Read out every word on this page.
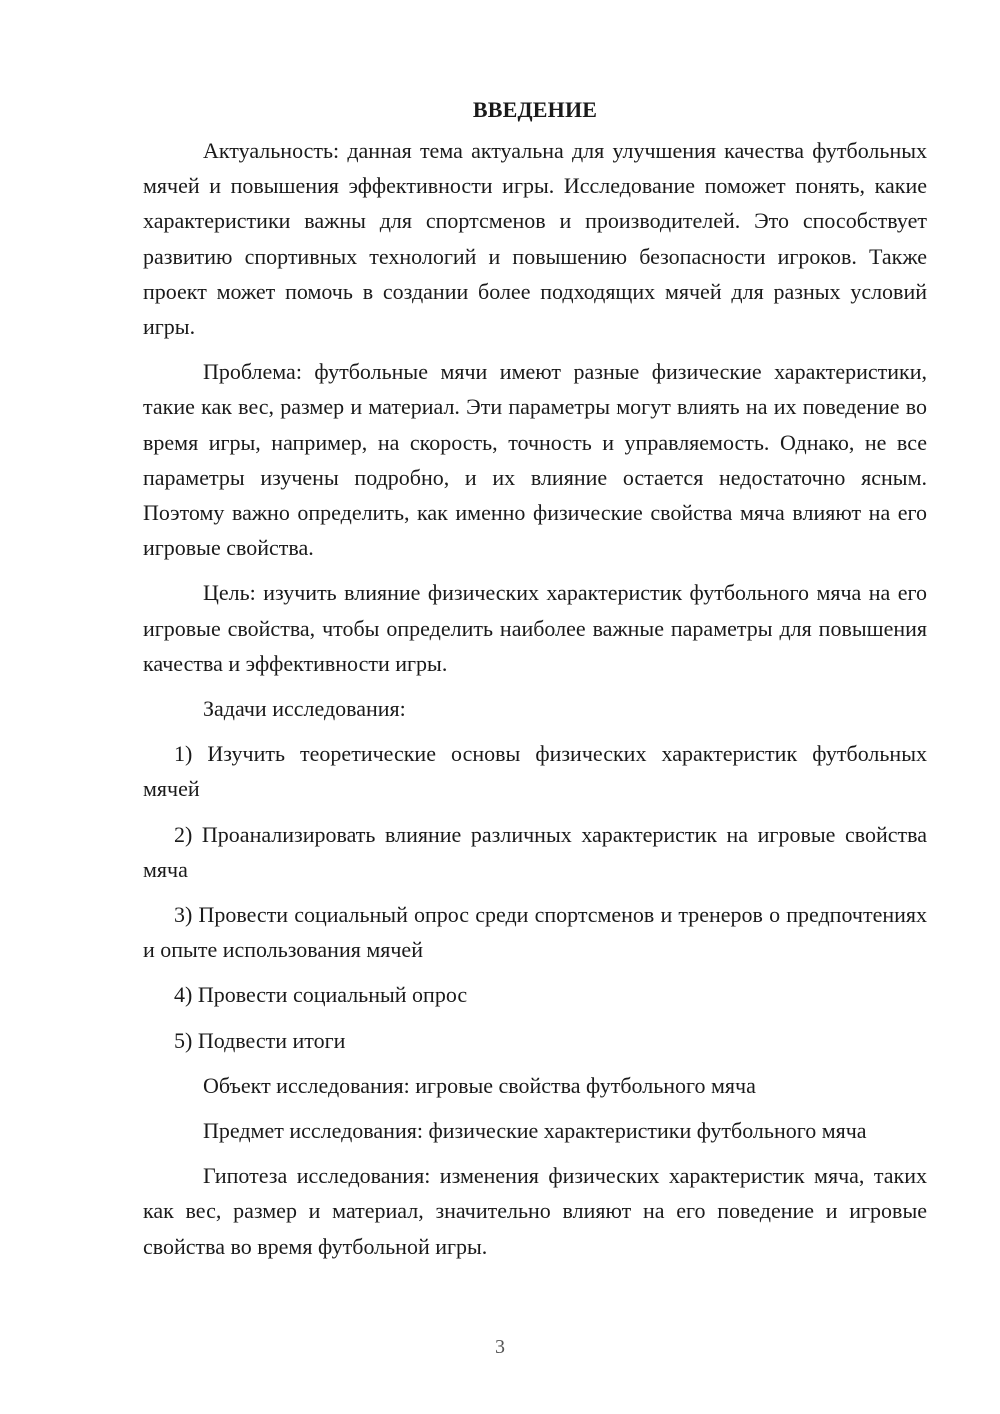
ВВЕДЕНИЕ

Актуальность: данная тема актуальна для улучшения качества футбольных мячей и повышения эффективности игры. Исследование поможет понять, какие характеристики важны для спортсменов и производителей. Это способствует развитию спортивных технологий и повышению безопасности игроков. Также проект может помочь в создании более подходящих мячей для разных условий игры.

Проблема: футбольные мячи имеют разные физические характеристики, такие как вес, размер и материал. Эти параметры могут влиять на их поведение во время игры, например, на скорость, точность и управляемость. Однако, не все параметры изучены подробно, и их влияние остается недостаточно ясным. Поэтому важно определить, как именно физические свойства мяча влияют на его игровые свойства.

Цель: изучить влияние физических характеристик футбольного мяча на его игровые свойства, чтобы определить наиболее важные параметры для повышения качества и эффективности игры.

Задачи исследования:

1) Изучить теоретические основы физических характеристик футбольных мячей

2) Проанализировать влияние различных характеристик на игровые свойства мяча

3) Провести социальный опрос среди спортсменов и тренеров о предпочтениях и опыте использования мячей

4) Провести социальный опрос

5) Подвести итоги

Объект исследования: игровые свойства футбольного мяча

Предмет исследования: физические характеристики футбольного мяча

Гипотеза исследования: изменения физических характеристик мяча, таких как вес, размер и материал, значительно влияют на его поведение и игровые свойства во время футбольной игры.

3
